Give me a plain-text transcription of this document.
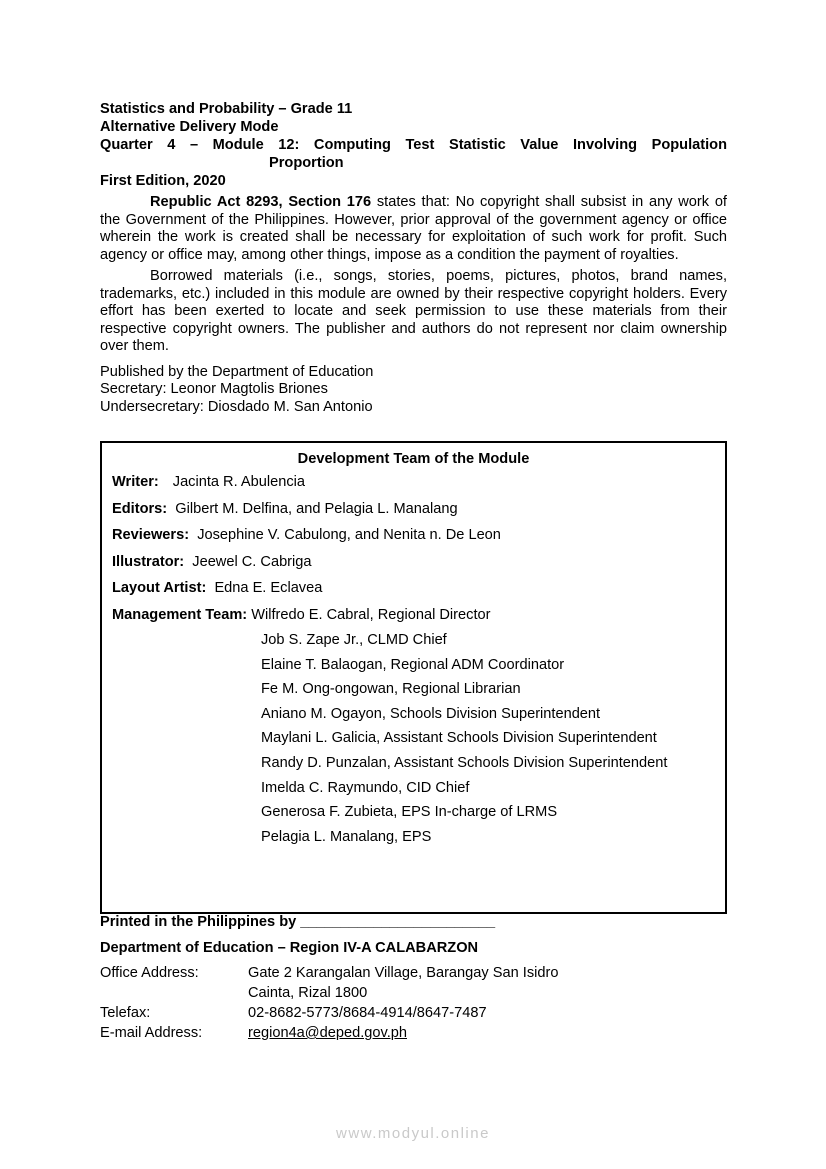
Statistics and Probability – Grade 11
Alternative Delivery Mode
Quarter 4 – Module 12: Computing Test Statistic Value Involving Population
Proportion
First Edition, 2020

Republic Act 8293, Section 176 states that: No copyright shall subsist in any work of the Government of the Philippines. However, prior approval of the government agency or office wherein the work is created shall be necessary for exploitation of such work for profit. Such agency or office may, among other things, impose as a condition the payment of royalties.

Borrowed materials (i.e., songs, stories, poems, pictures, photos, brand names, trademarks, etc.) included in this module are owned by their respective copyright holders. Every effort has been exerted to locate and seek permission to use these materials from their respective copyright owners. The publisher and authors do not represent nor claim ownership over them.

Published by the Department of Education
Secretary: Leonor Magtolis Briones
Undersecretary: Diosdado M. San Antonio
Development Team of the Module
Writer: Jacinta R. Abulencia
Editors: Gilbert M. Delfina, and Pelagia L. Manalang
Reviewers: Josephine V. Cabulong, and Nenita n. De Leon
Illustrator: Jeewel C. Cabriga
Layout Artist: Edna E. Eclavea
Management Team: Wilfredo E. Cabral, Regional Director
Job S. Zape Jr., CLMD Chief
Elaine T. Balaogan, Regional ADM Coordinator
Fe M. Ong-ongowan, Regional Librarian
Aniano M. Ogayon, Schools Division Superintendent
Maylani L. Galicia, Assistant Schools Division Superintendent
Randy D. Punzalan, Assistant Schools Division Superintendent
Imelda C. Raymundo, CID Chief
Generosa F. Zubieta, EPS In-charge of LRMS
Pelagia L. Manalang, EPS
Printed in the Philippines by ________________________
Department of Education – Region IV-A CALABARZON
Office Address:	Gate 2 Karangalan Village, Barangay San Isidro
Cainta, Rizal 1800
Telefax:	02-8682-5773/8684-4914/8647-7487
E-mail Address:	region4a@deped.gov.ph
www.modyul.online
